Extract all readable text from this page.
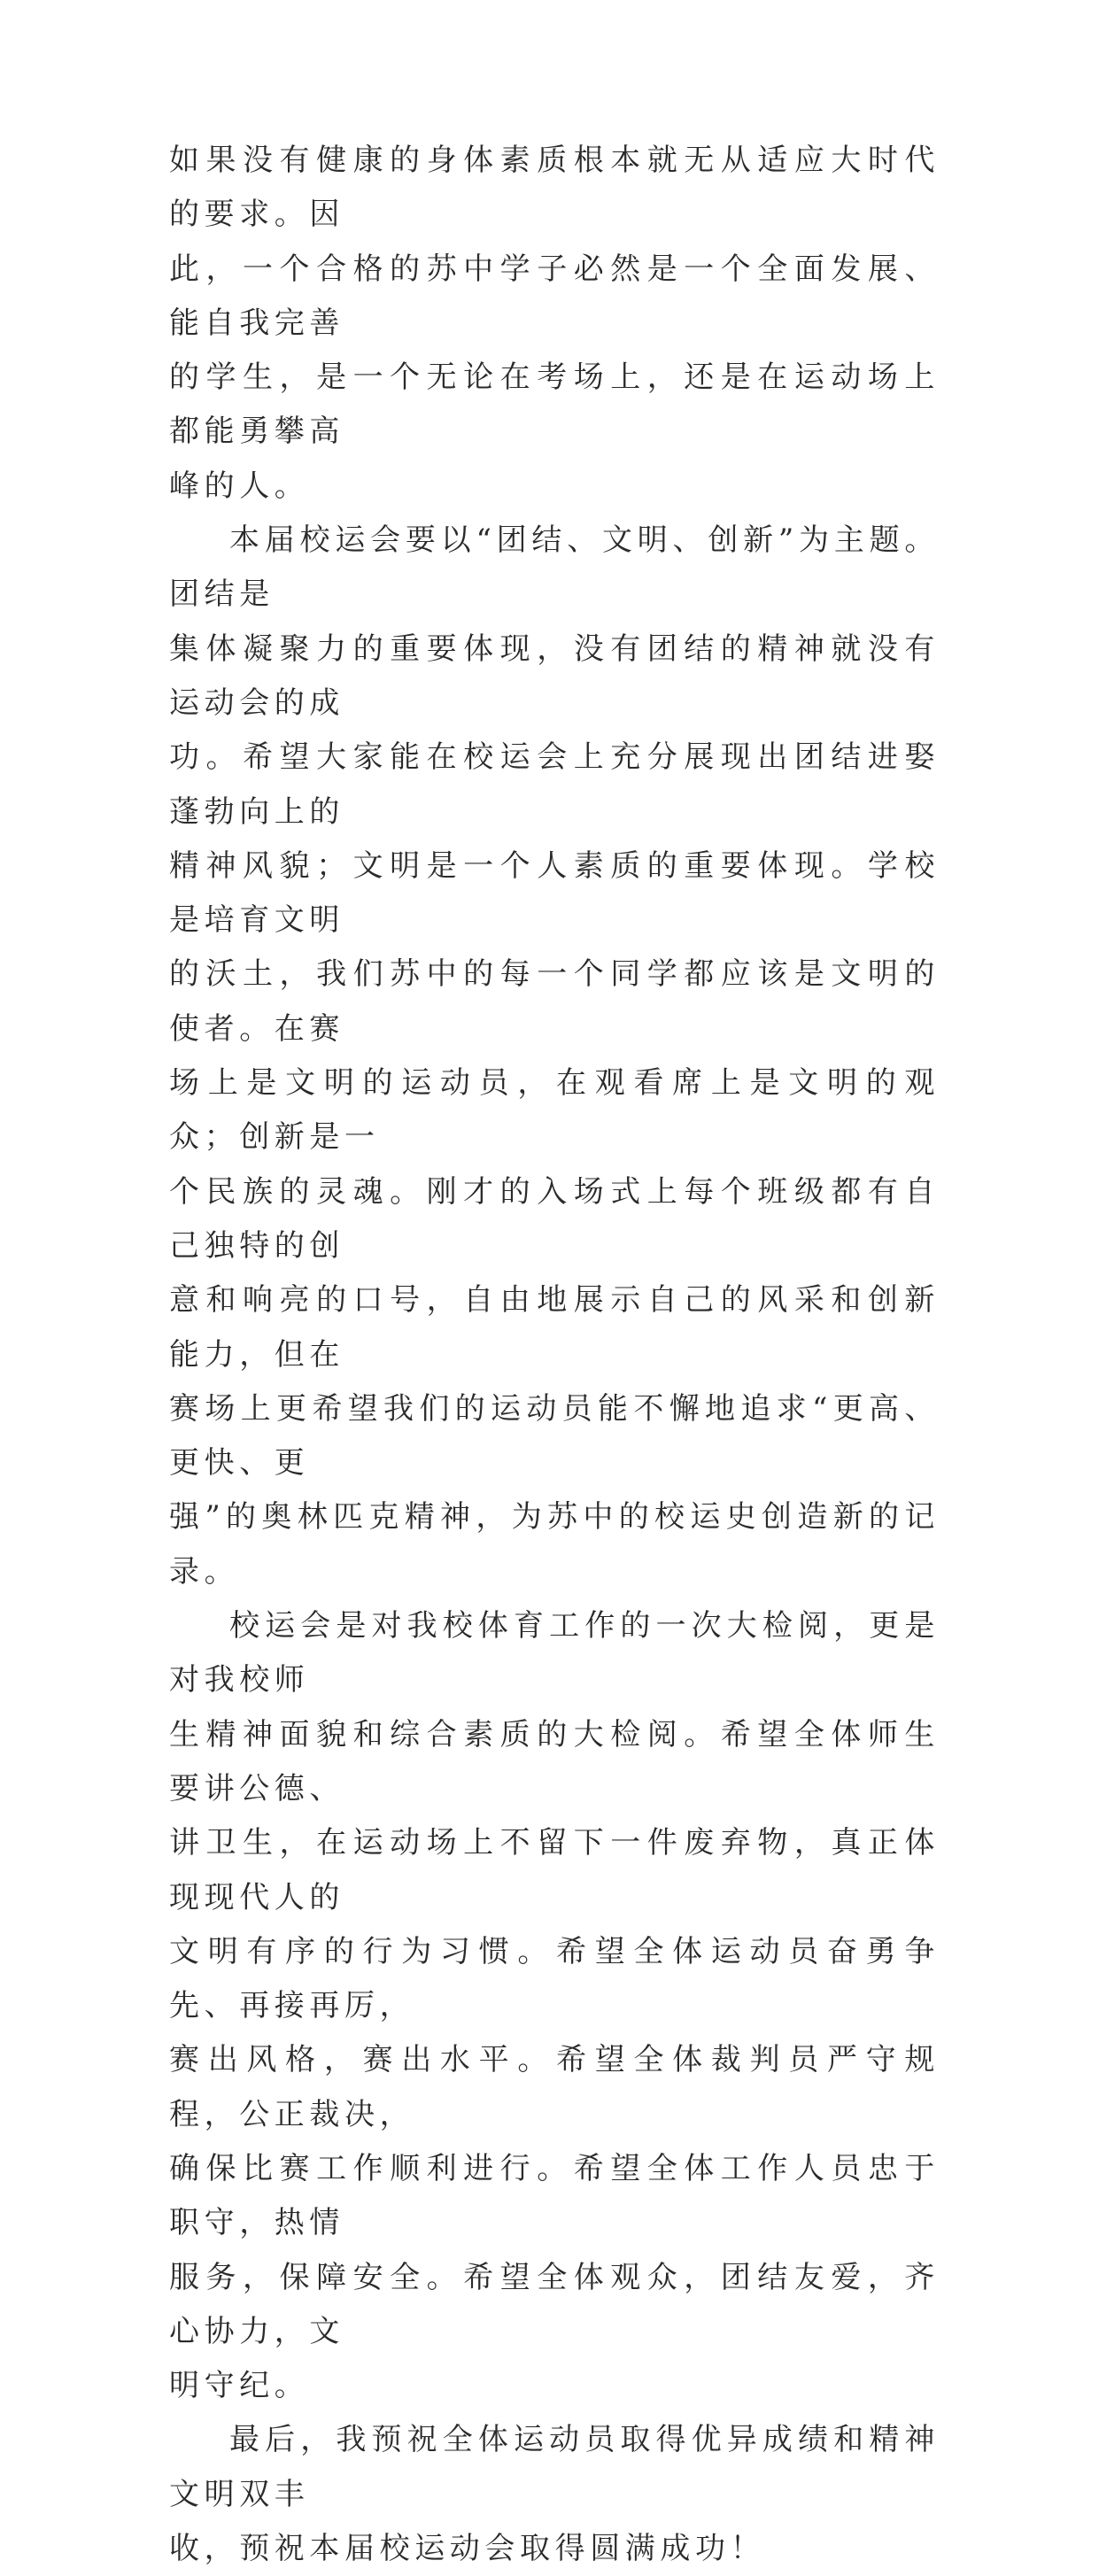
如果没有健康的身体素质根本就无从适应大时代的要求。因
此，一个合格的苏中学子必然是一个全面发展、能自我完善
的学生，是一个无论在考场上，还是在运动场上都能勇攀高
峰的人。

本届校运会要以“团结、文明、创新”为主题。团结是
集体凝聚力的重要体现，没有团结的精神就没有运动会的成
功。希望大家能在校运会上充分展现出团结进娶蓬勃向上的
精神风貌；文明是一个人素质的重要体现。学校是培育文明
的沃土，我们苏中的每一个同学都应该是文明的使者。在赛
场上是文明的运动员，在观看席上是文明的观众；创新是一
个民族的灵魂。刚才的入场式上每个班级都有自己独特的创
意和响亮的口号，自由地展示自己的风采和创新能力，但在
赛场上更希望我们的运动员能不懈地追求“更高、更快、更
强”的奥林匹克精神，为苏中的校运史创造新的记录。

校运会是对我校体育工作的一次大检阅，更是对我校师
生精神面貌和综合素质的大检阅。希望全体师生要讲公德、
讲卫生，在运动场上不留下一件废弃物，真正体现现代人的
文明有序的行为习惯。希望全体运动员奋勇争先、再接再厉，
赛出风格，赛出水平。希望全体裁判员严守规程，公正裁决，
确保比赛工作顺利进行。希望全体工作人员忠于职守，热情
服务，保障安全。希望全体观众，团结友爱，齐心协力，文
明守纪。

最后，我预祝全体运动员取得优异成绩和精神文明双丰
收，预祝本届校运动会取得圆满成功！
